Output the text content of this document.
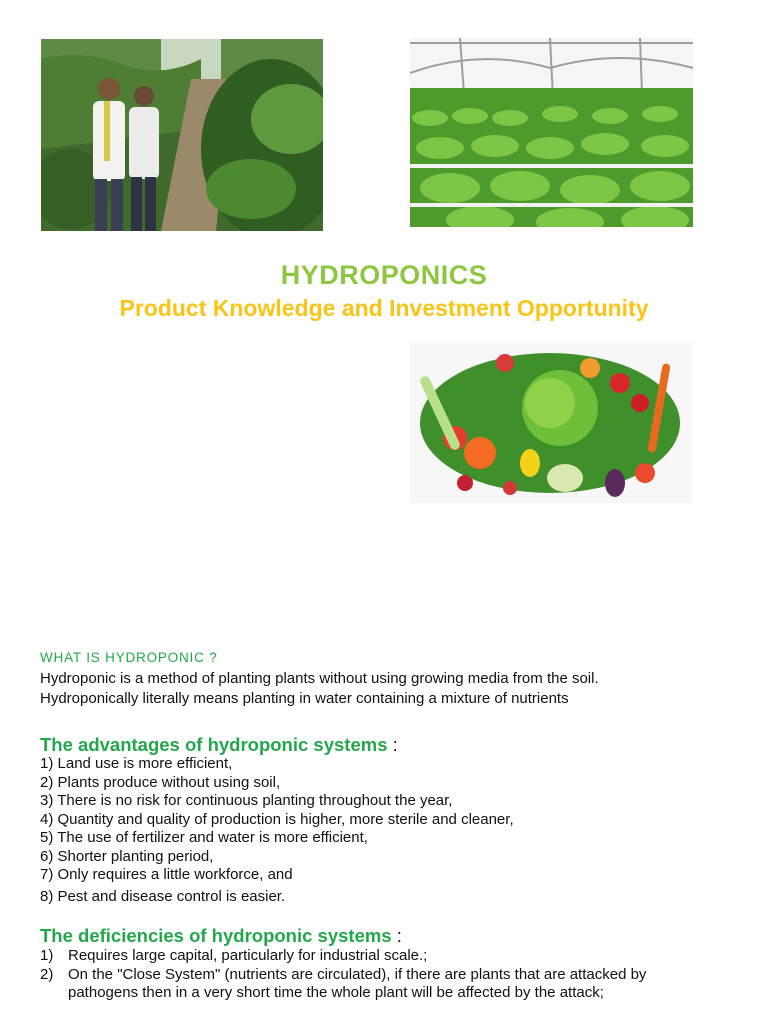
HYDROPONICS
Product Knowledge and Investment Opportunity
WHAT IS HYDROPONIC ?
Hydroponic is a method of planting plants without using growing media from the soil.
Hydroponically literally means planting in water containing a mixture of nutrients
The advantages of hydroponic systems :
1) Land use is more efficient,
2) Plants produce without using soil,
3) There is no risk for continuous planting throughout the year,
4) Quantity and quality of production is higher, more sterile and cleaner,
5) The use of fertilizer and water is more efficient,
6) Shorter planting period,
7) Only requires a little workforce, and
8) Pest and disease control is easier.
The deficiencies of hydroponic systems :
1) Requires large capital, particularly for industrial scale.;
2) On the "Close System" (nutrients are circulated), if there are plants that are attacked by pathogens then in a very short time the whole plant will be affected by the attack;
